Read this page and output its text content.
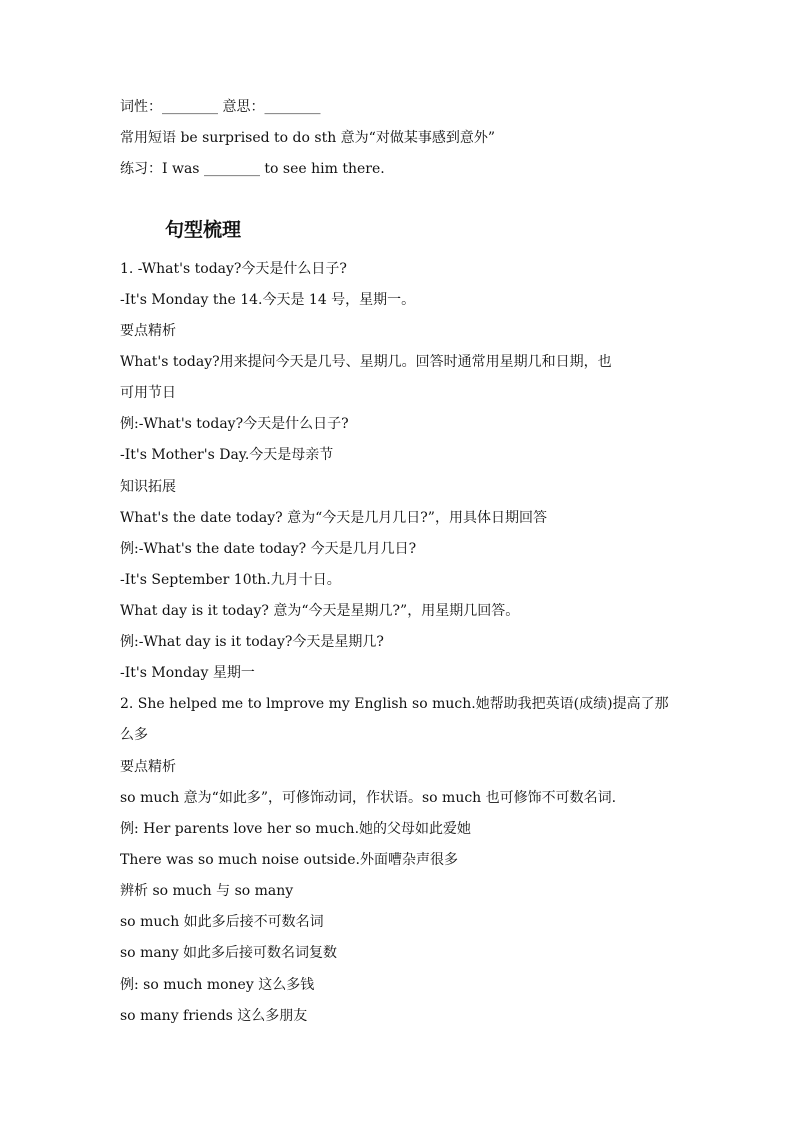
词性：________ 意思：________
常用短语 be surprised to do sth 意为“对做某事感到意外”
练习：I was ________ to see him there.
句型梳理
1. -What's today?今天是什么日子?
-It's Monday the 14.今天是 14 号，星期一。
要点精析
What's today?用来提问今天是几号、星期几。回答时通常用星期几和日期，也
可用节日
例:-What's today?今天是什么日子?
-It's Mother's Day.今天是母亲节
知识拓展
What's the date today? 意为“今天是几月几日?”，用具体日期回答
例:-What's the date today? 今天是几月几日?
-It's September 10th.九月十日。
What day is it today? 意为“今天是星期几?”，用星期几回答。
例:-What day is it today?今天是星期几?
-It's Monday 星期一
2. She helped me to lmprove my English so much.她帮助我把英语(成绩)提高了那
么多
要点精析
so much 意为“如此多”，可修饰动词，作状语。so much 也可修饰不可数名词.
例: Her parents love her so much.她的父母如此爱她
There was so much noise outside.外面嘈杂声很多
辨析 so much 与 so many
so much 如此多后接不可数名词
so many 如此多后接可数名词复数
例: so much money 这么多钱
so many friends 这么多朋友
